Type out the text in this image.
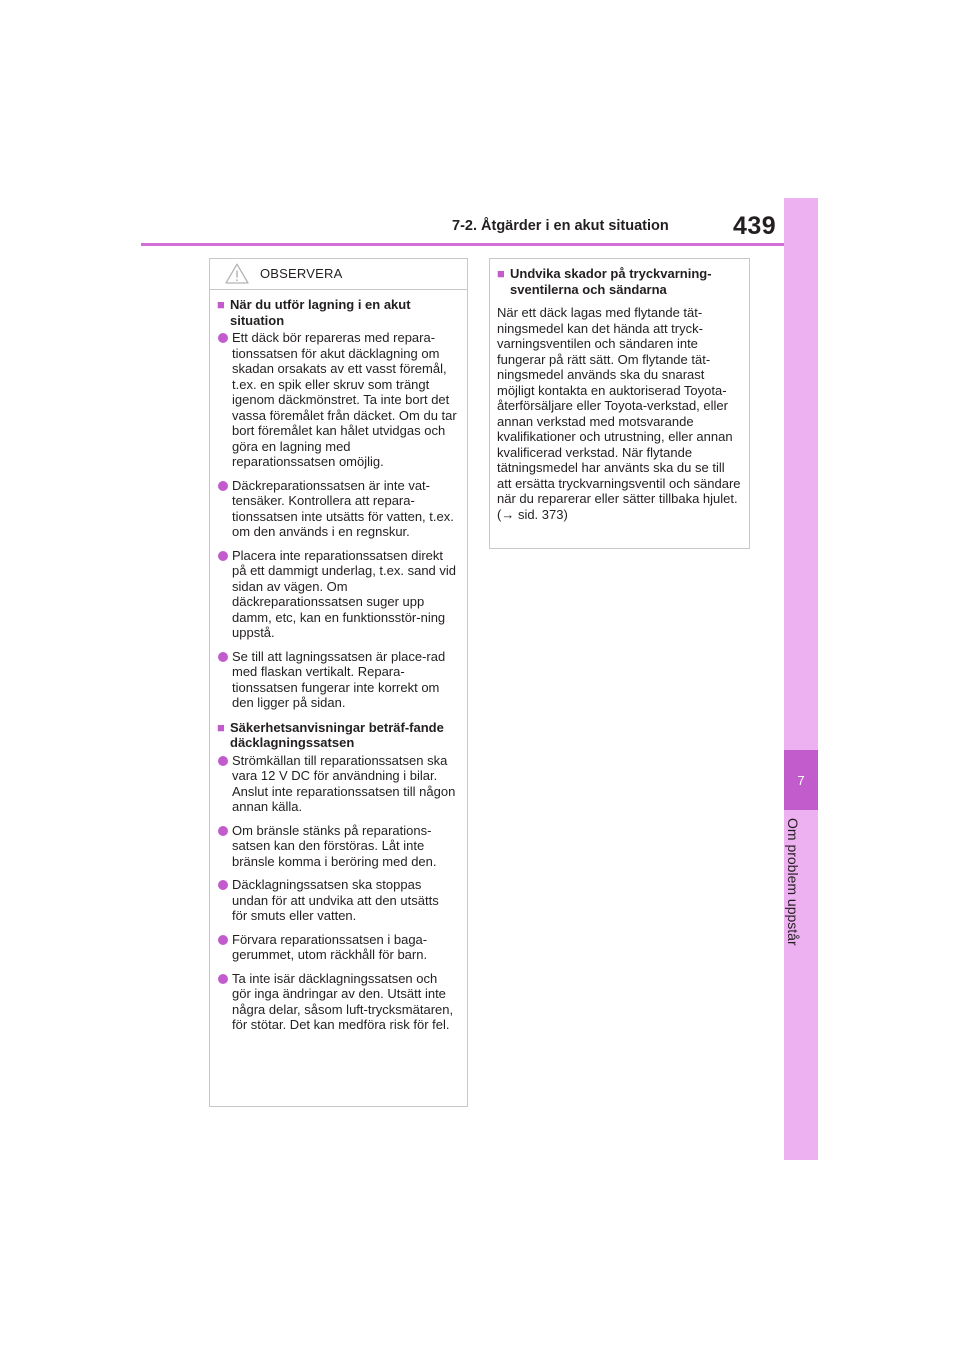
7-2. Åtgärder i en akut situation	439
7
Om problem uppstår
OBSERVERA
■ När du utför lagning i en akut situation
Ett däck bör repareras med repara-tionssatsen för akut däcklagning om skadan orsakats av ett vasst föremål, t.ex. en spik eller skruv som trängt igenom däckmönstret. Ta inte bort det vassa föremålet från däcket. Om du tar bort föremålet kan hålet utvidgas och göra en lagning med reparationssatsen omöjlig.
Däckreparationssatsen är inte vat-tensäker. Kontrollera att repara-tionssatsen inte utsätts för vatten, t.ex. om den används i en regnskur.
Placera inte reparationssatsen direkt på ett dammigt underlag, t.ex. sand vid sidan av vägen. Om däckreparationssatsen suger upp damm, etc, kan en funktionsstör-ning uppstå.
Se till att lagningssatsen är place-rad med flaskan vertikalt. Repara-tionssatsen fungerar inte korrekt om den ligger på sidan.
■ Säkerhetsanvisningar beträf-fande däcklagningssatsen
Strömkällan till reparationssatsen ska vara 12 V DC för användning i bilar. Anslut inte reparationssatsen till någon annan källa.
Om bränsle stänks på reparations-satsen kan den förstöras. Låt inte bränsle komma i beröring med den.
Däcklagningssatsen ska stoppas undan för att undvika att den utsätts för smuts eller vatten.
Förvara reparationssatsen i baga-gerummet, utom räckhåll för barn.
Ta inte isär däcklagningssatsen och gör inga ändringar av den. Utsätt inte några delar, såsom luft-trycksmätaren, för stötar. Det kan medföra risk för fel.
■ Undvika skador på tryckvarning-sventilerna och sändarna
När ett däck lagas med flytande tät-ningsmedel kan det hända att tryck-varningsventilen och sändaren inte fungerar på rätt sätt. Om flytande tät-ningsmedel används ska du snarast möjligt kontakta en auktoriserad Toyota-återförsäljare eller Toyota-verkstad, eller annan verkstad med motsvarande kvalifikationer och utrustning, eller annan kvalificerad verkstad. När flytande tätningsmedel har använts ska du se till att ersätta tryckvarningsventil och sändare när du reparerar eller sätter tillbaka hjulet. (→ sid. 373)
